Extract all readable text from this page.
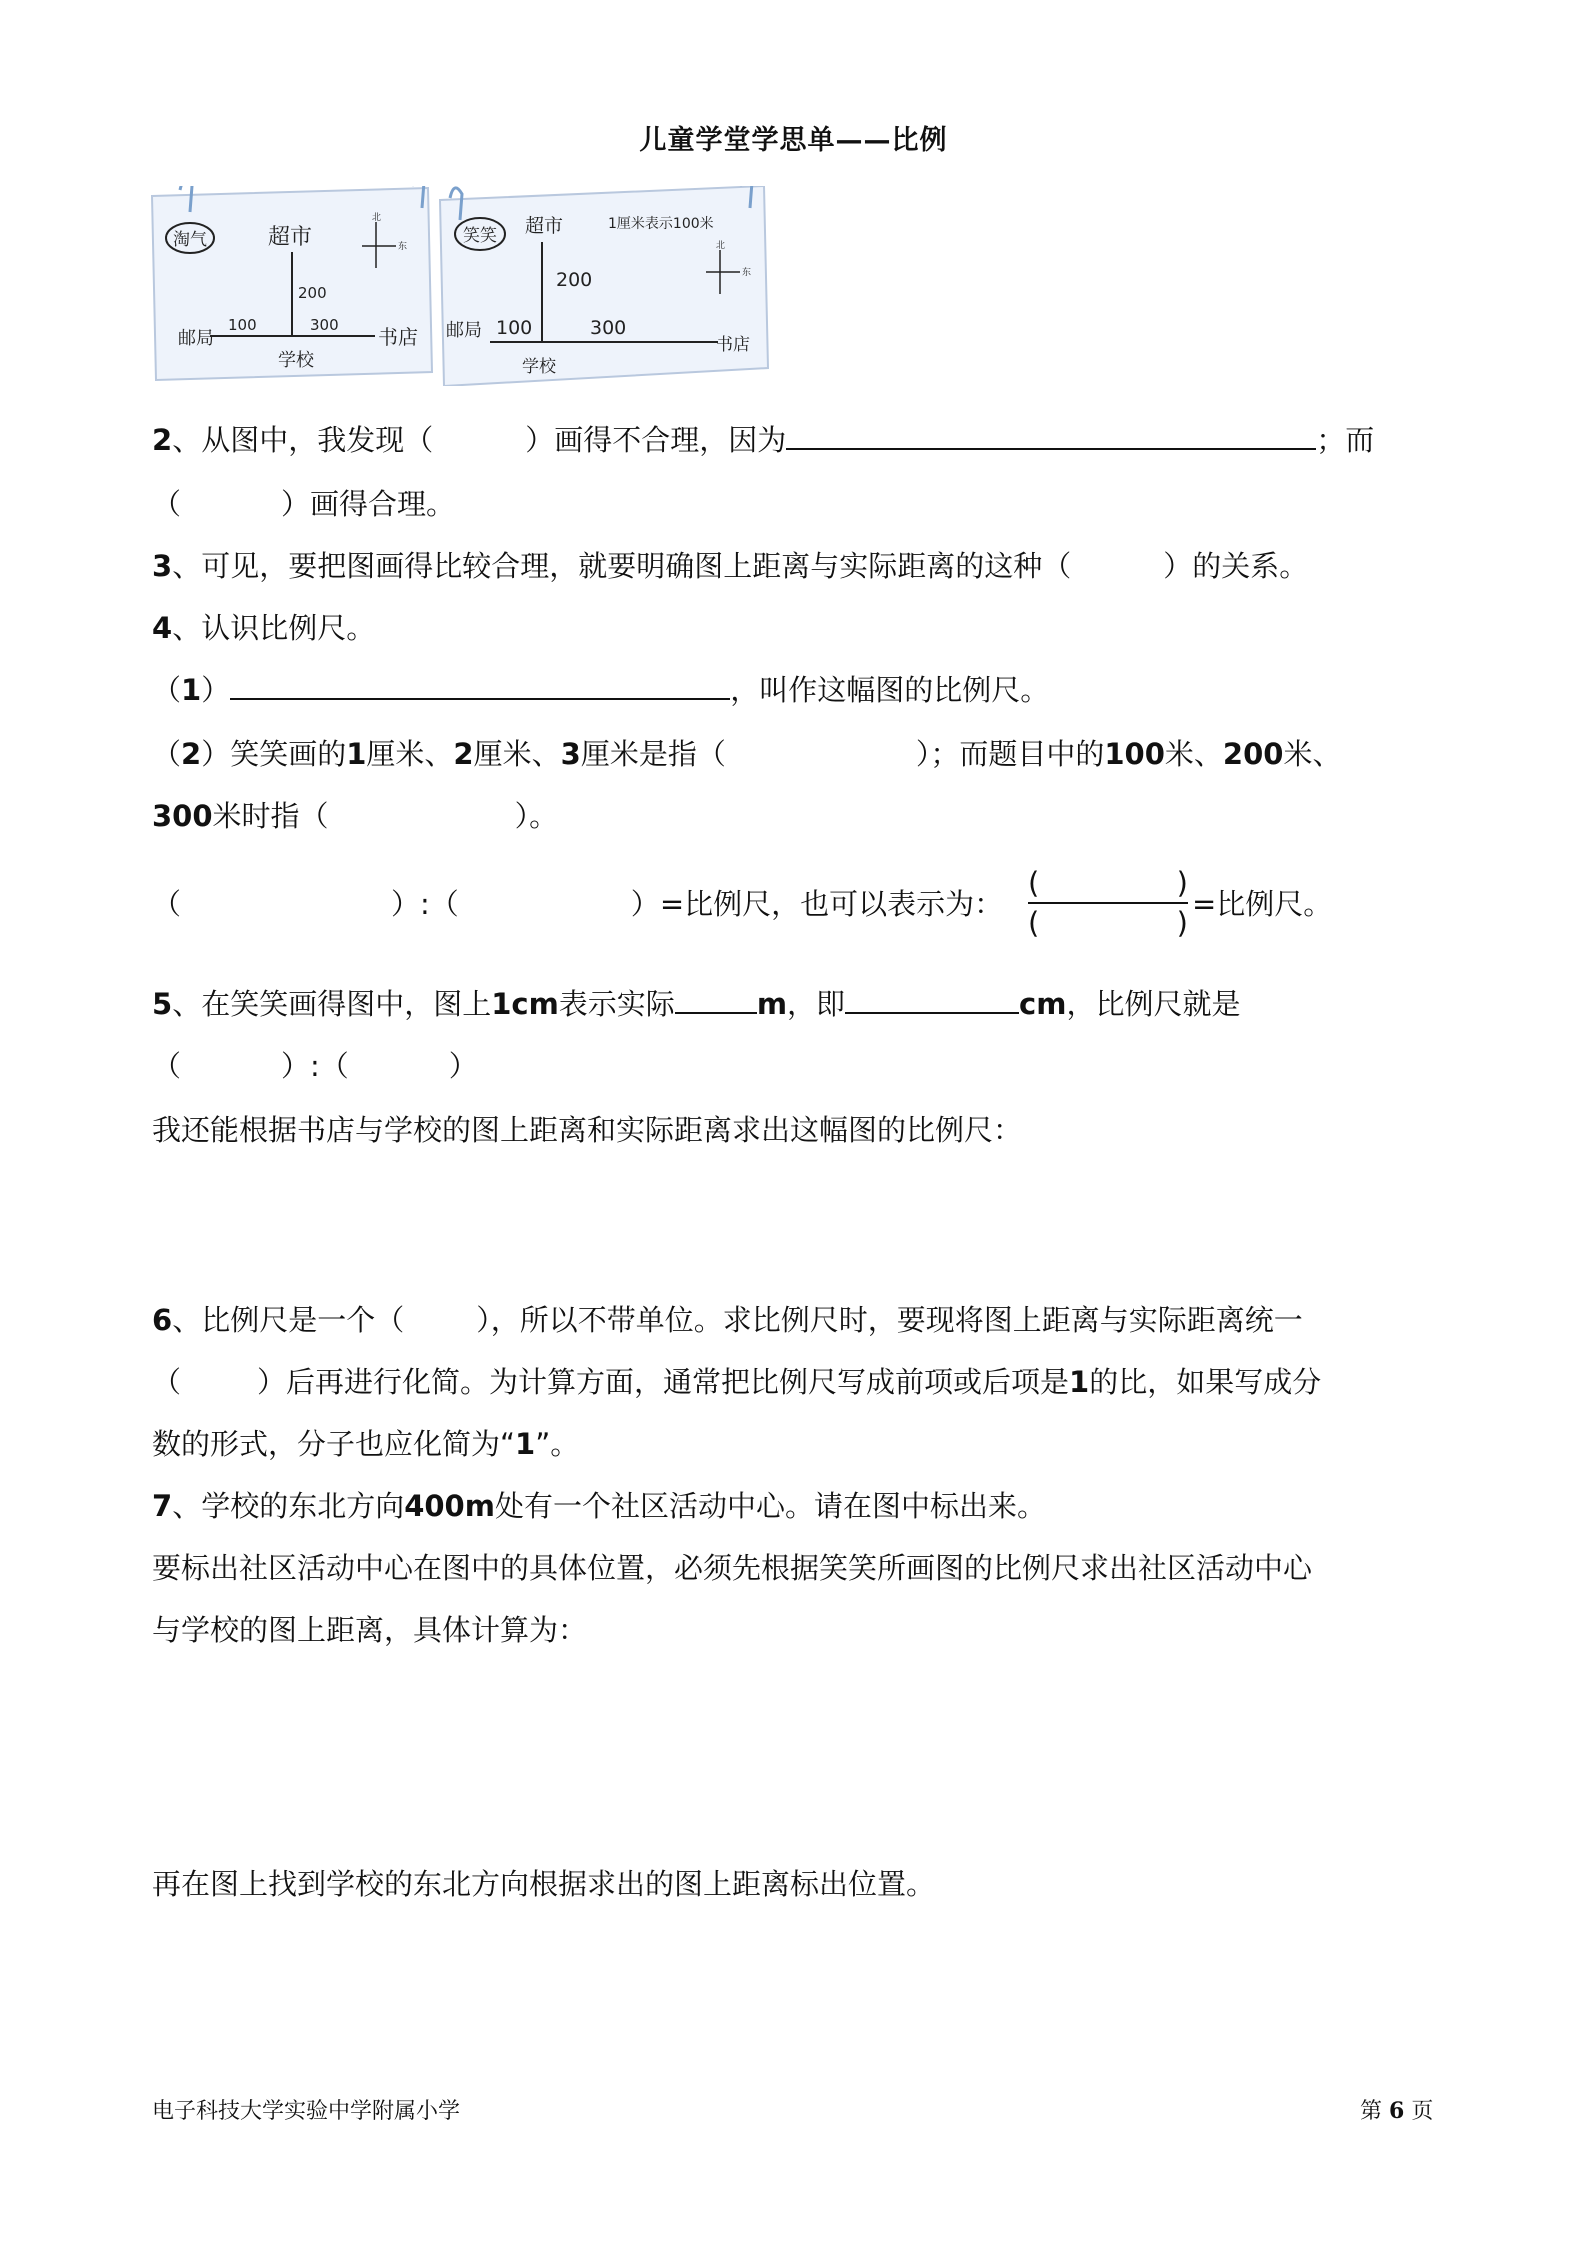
儿童学堂学思单——比例
淘气	超市
200
100	300
邮局	书店
学校
北
东
笑笑 超市	1厘米表示100米
200
100	300
邮局
书店
学校
北
东
2、从图中，我发现（	）画得不合理，因为	；而
（	）画得合理。
3、可见，要把图画得比较合理，就要明确图上距离与实际距离的这种（	）的关系。
4、认识比例尺。
（1）	，叫作这幅图的比例尺。
（2）笑笑画的1厘米、2厘米、3厘米是指（	）；而题目中的100米、200米、
300米时指（	）。
（	）:（	）=比例尺，也可以表示为：
(	)
(	)
=比例尺。
5、在笑笑画得图中，图上1cm表示实际	m，即	cm，比例尺就是
（	）:（	）
我还能根据书店与学校的图上距离和实际距离求出这幅图的比例尺：
6、比例尺是一个（ ），所以不带单位。求比例尺时，要现将图上距离与实际距离统一
（	）后再进行化简。为计算方面，通常把比例尺写成前项或后项是1的比，如果写成分
数的形式，分子也应化简为“1”。
7、学校的东北方向400m处有一个社区活动中心。请在图中标出来。
要标出社区活动中心在图中的具体位置，必须先根据笑笑所画图的比例尺求出社区活动中心
与学校的图上距离，具体计算为：
再在图上找到学校的东北方向根据求出的图上距离标出位置。
电子科技大学实验中学附属小学	第 6 页
